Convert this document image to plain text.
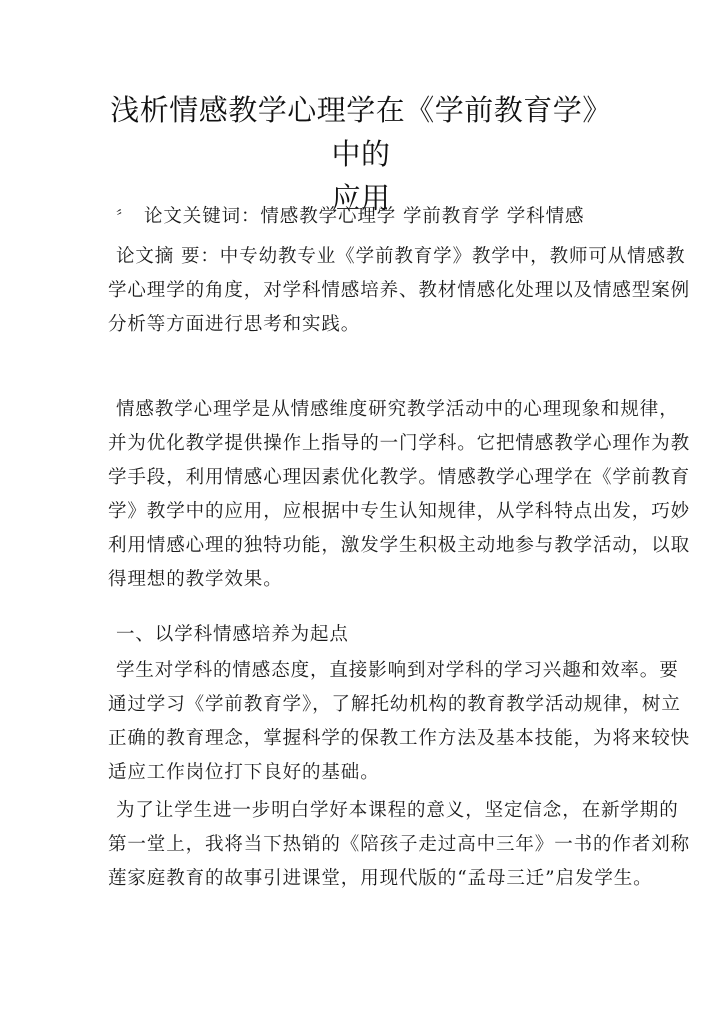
浅析情感教学心理学在《学前教育学》中的
应用
〞 论文关键词：情感教学心理学 学前教育学 学科情感
论文摘 要：中专幼教专业《学前教育学》教学中，教师可从情感教
学心理学的角度，对学科情感培养、教材情感化处理以及情感型案例
分析等方面进行思考和实践。
情感教学心理学是从情感维度研究教学活动中的心理现象和规律，
并为优化教学提供操作上指导的一门学科。它把情感教学心理作为教
学手段，利用情感心理因素优化教学。情感教学心理学在《学前教育
学》教学中的应用，应根据中专生认知规律，从学科特点出发，巧妙
利用情感心理的独特功能，激发学生积极主动地参与教学活动，以取
得理想的教学效果。
一、以学科情感培养为起点
学生对学科的情感态度，直接影响到对学科的学习兴趣和效率。要
通过学习《学前教育学》，了解托幼机构的教育教学活动规律，树立
正确的教育理念，掌握科学的保教工作方法及基本技能，为将来较快
适应工作岗位打下良好的基础。
为了让学生进一步明白学好本课程的意义，坚定信念，在新学期的
第一堂上，我将当下热销的《陪孩子走过高中三年》一书的作者刘称
莲家庭教育的故事引进课堂，用现代版的“孟母三迁”启发学生。
